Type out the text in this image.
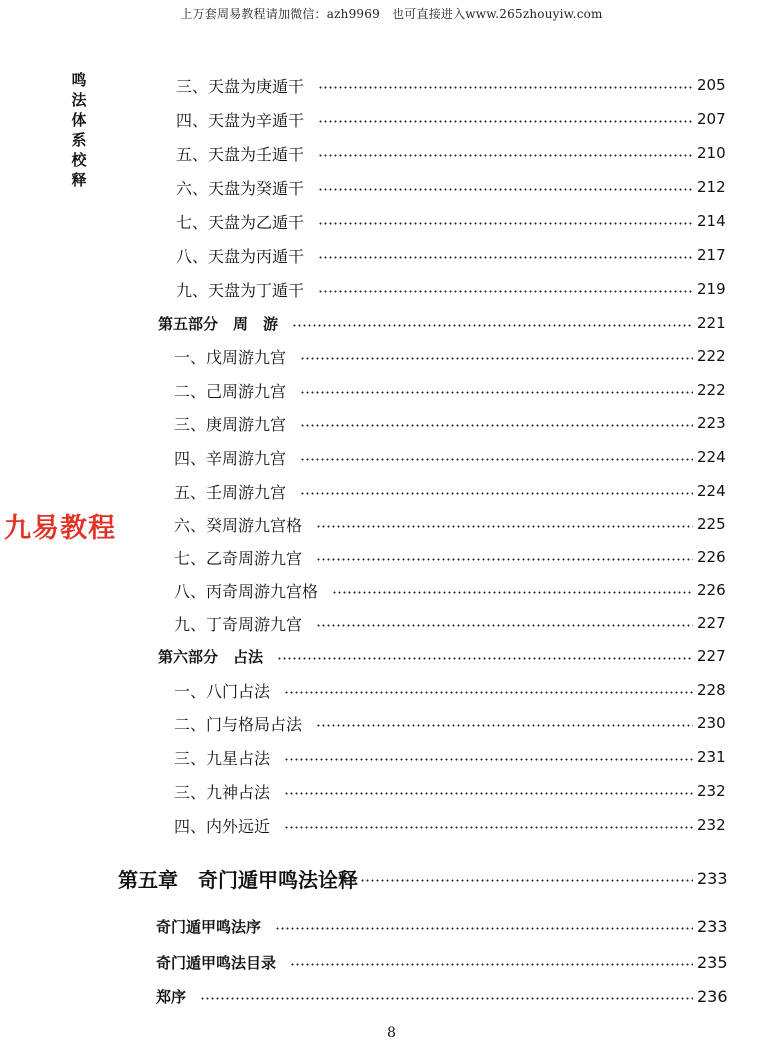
上万套周易教程请加微信：azh9969　也可直接进入www.265zhouyiw.com
鸣
法
体
系
校
释
九易教程
三、天盘为庚遁干	205
四、天盘为辛遁干	207
五、天盘为壬遁干	210
六、天盘为癸遁干	212
七、天盘为乙遁干	214
八、天盘为丙遁干	217
九、天盘为丁遁干	219
第五部分　周　游	221
一、戊周游九宫	222
二、己周游九宫	222
三、庚周游九宫	223
四、辛周游九宫	224
五、壬周游九宫	224
六、癸周游九宫格	225
七、乙奇周游九宫	226
八、丙奇周游九宫格	226
九、丁奇周游九宫	227
第六部分　占法	227
一、八门占法	228
二、门与格局占法	230
三、九星占法	231
三、九神占法	232
四、内外远近	232
第五章　奇门遁甲鸣法诠释	233
奇门遁甲鸣法序	233
奇门遁甲鸣法目录	235
郑序	236
8
